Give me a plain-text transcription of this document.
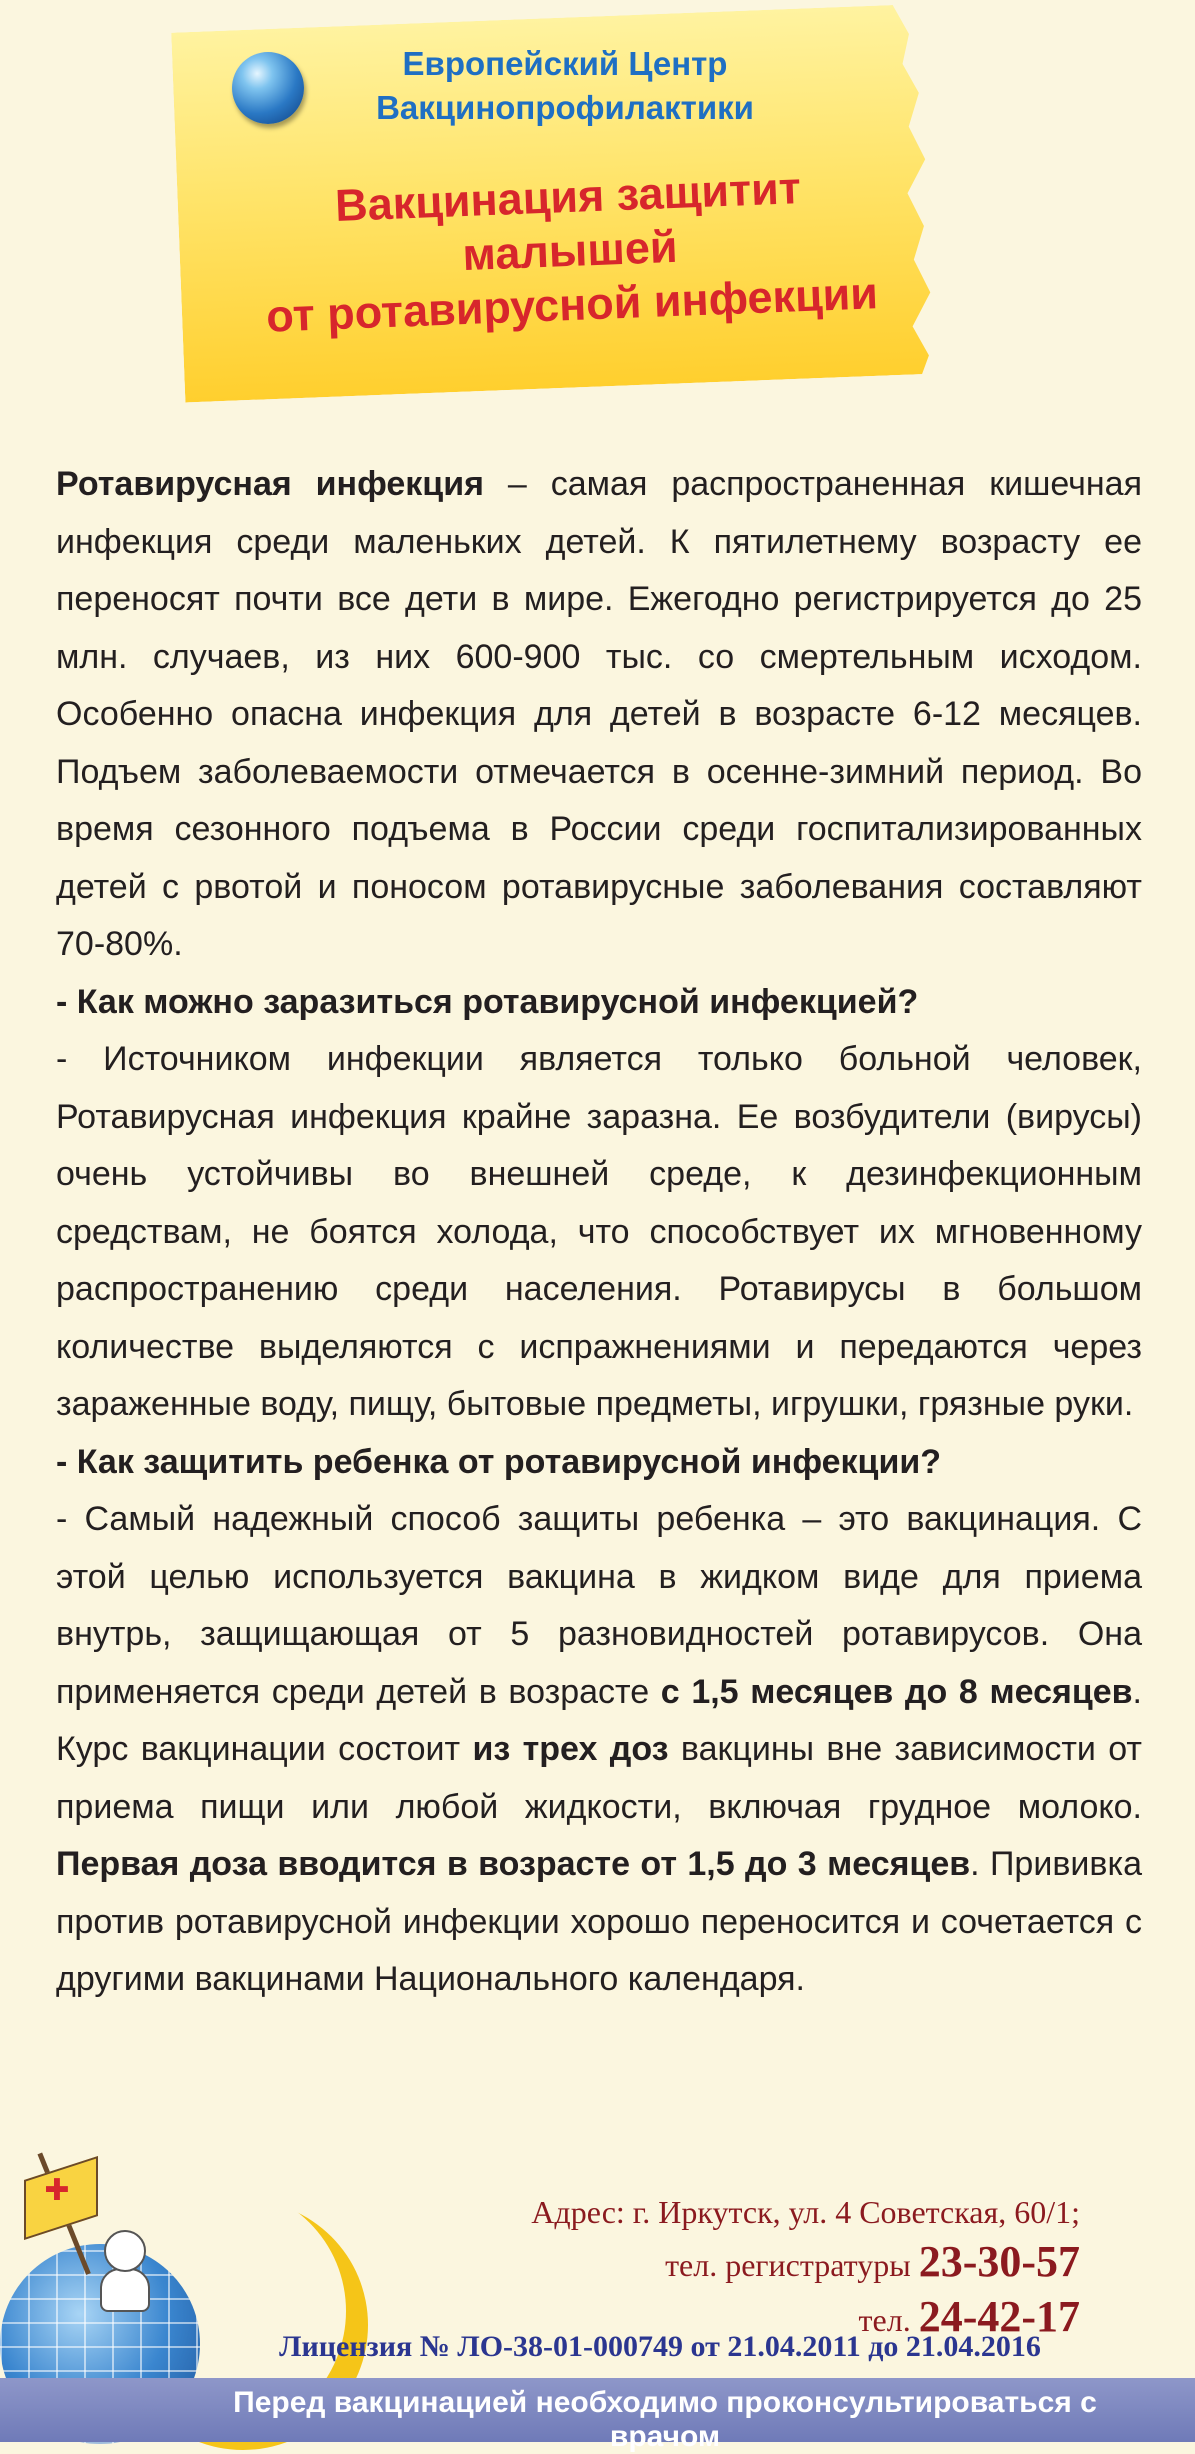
Европейский Центр
Вакцинопрофилактики
Вакцинация защитит
малышей
от ротавирусной инфекции

Ротавирусная инфекция – самая распространенная кишечная инфекция среди маленьких детей. К пятилетнему возрасту ее переносят почти все дети в мире. Ежегодно регистрируется до 25 млн. случаев, из них 600-900 тыс. со смертельным исходом. Особенно опасна инфекция для детей в возрасте 6-12 месяцев. Подъем заболеваемости отмечается в осенне-зимний период. Во время сезонного подъема в России среди госпитализированных детей с рвотой и поносом ротавирусные заболевания составляют 70-80%.

- Как можно заразиться ротавирусной инфекцией?

- Источником инфекции является только больной человек, Ротавирусная инфекция крайне заразна. Ее возбудители (вирусы) очень устойчивы во внешней среде, к дезинфекционным средствам, не боятся холода, что способствует их мгновенному распространению среди населения. Ротавирусы в большом количестве выделяются с испражнениями и передаются через зараженные воду, пищу, бытовые предметы, игрушки, грязные руки.

- Как защитить ребенка от ротавирусной инфекции?

- Самый надежный способ защиты ребенка – это вакцинация. С этой целью используется вакцина в жидком виде для приема внутрь, защищающая от 5 разновидностей ротавирусов. Она применяется среди детей в возрасте с 1,5 месяцев до 8 месяцев. Курс вакцинации состоит из трех доз вакцины вне зависимости от приема пищи или любой жидкости, включая грудное молоко. Первая доза вводится в возрасте от 1,5 до 3 месяцев. Прививка против ротавирусной инфекции хорошо переносится и сочетается с другими вакцинами Национального календаря.

✚
Адрес: г. Иркутск, ул. 4 Советская, 60/1;
тел. регистратуры 23-30-57
тел. 24-42-17
Лицензия № ЛО-38-01-000749 от 21.04.2011 до 21.04.2016
Перед вакцинацией необходимо проконсультироваться с врачом
